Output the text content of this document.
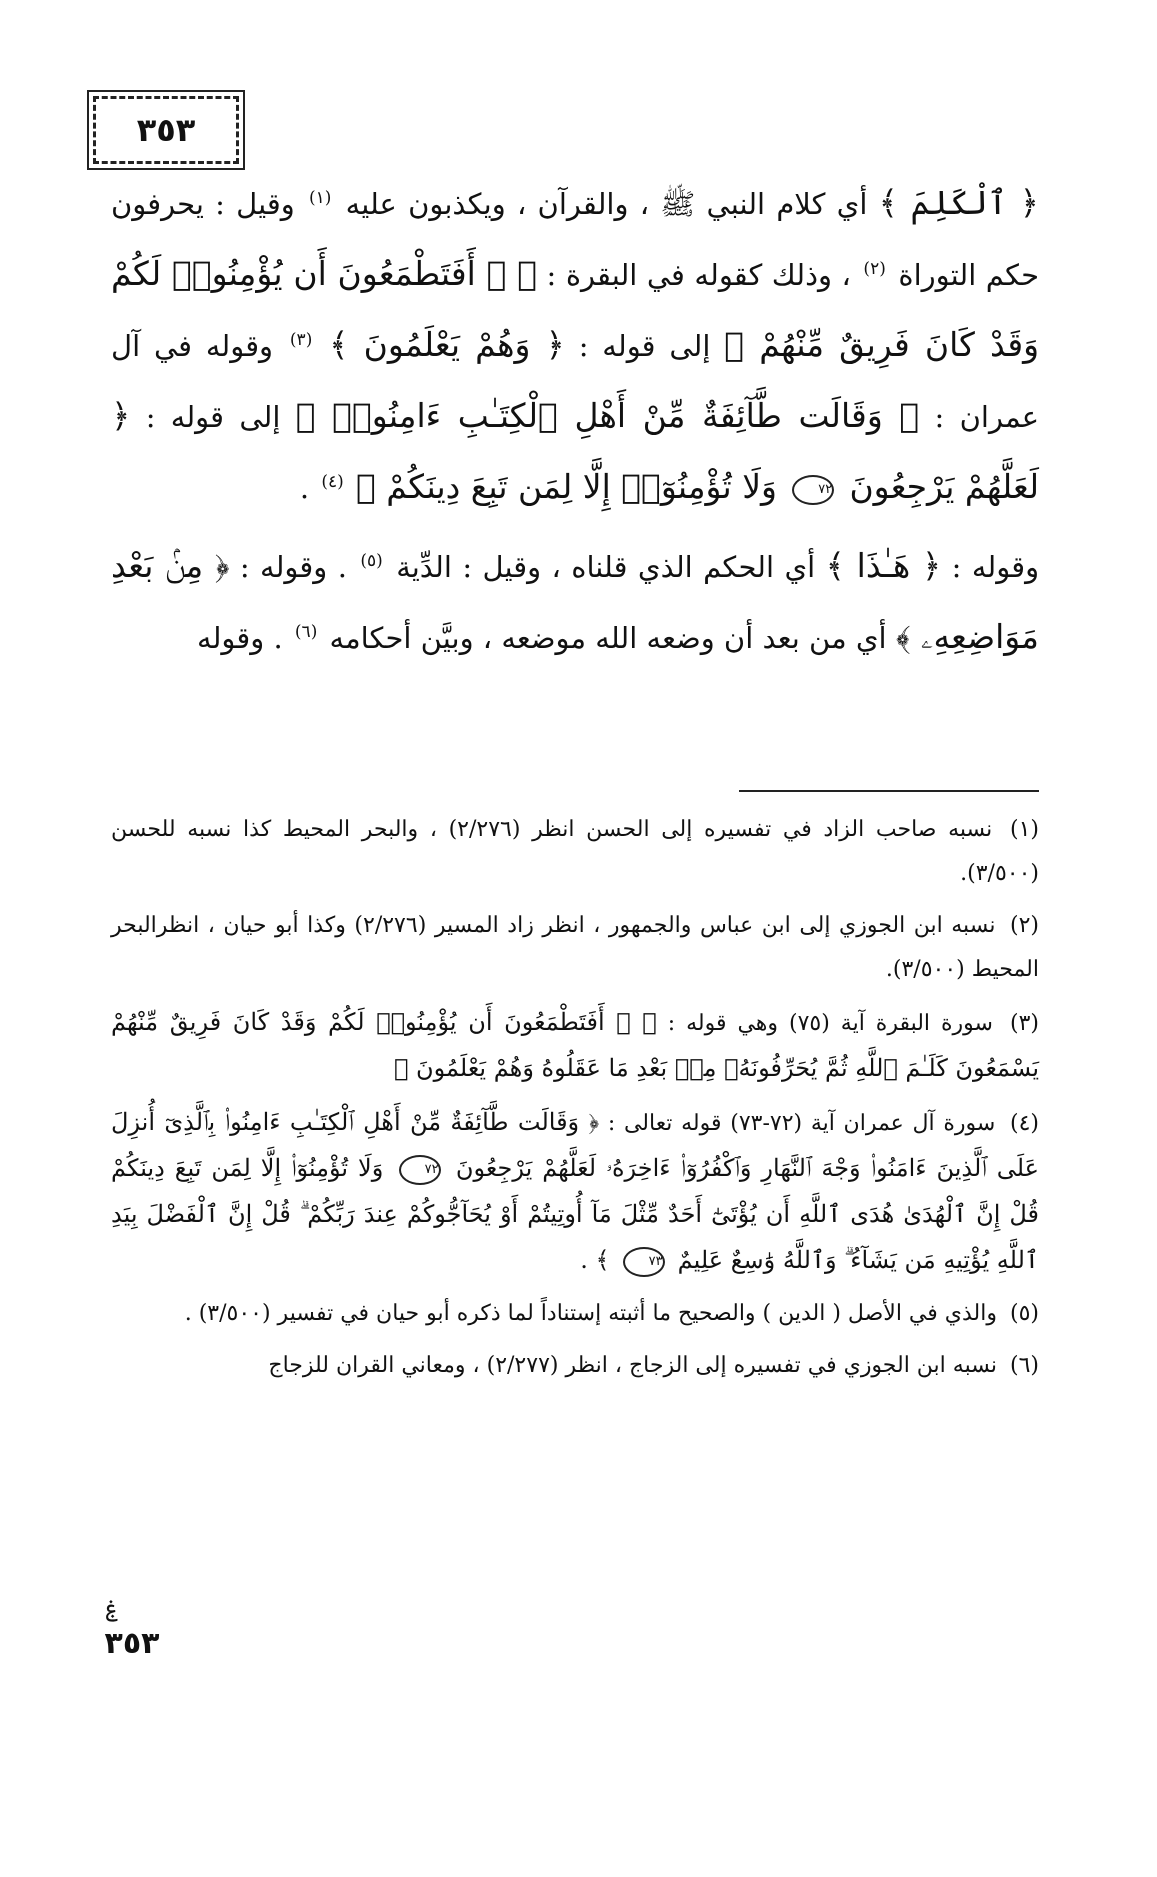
٣٥٣

﴿ ٱلْكَلِمَ ﴾ أي كلام النبي ﷺ ، والقرآن ، ويكذبون عليه $^{(١)}$ وقيل : يحرفون حكم التوراة $^{(٢)}$ ، وذلك كقوله في البقرة : ﴿ ۞ أَفَتَطْمَعُونَ أَن يُؤْمِنُوا۟ لَكُمْ وَقَدْ كَانَ فَرِيقٌ مِّنْهُمْ ﴾ إلى قوله : ﴿ وَهُمْ يَعْلَمُونَ ﴾ $^{(٣)}$ وقوله في آل عمران : ﴿ وَقَالَت طَّآئِفَةٌ مِّنْ أَهْلِ ٱلْكِتَـٰبِ ءَامِنُوا۟ ﴾ إلى قوله : ﴿ لَعَلَّهُمْ يَرْجِعُونَ ٧٢ وَلَا تُؤْمِنُوٓا۟ إِلَّا لِمَن تَبِعَ دِينَكُمْ ﴾ $^{(٤)}$ .

وقوله : ﴿ هَـٰذَا ﴾ أي الحكم الذي قلناه ، وقيل : الدِّية $^{(٥)}$ . وقوله : ﴿ مِنۢ بَعْدِ مَوَاضِعِهِۦ ﴾ أي من بعد أن وضعه الله موضعه ، وبيَّن أحكامه $^{(٦)}$ . وقوله

(١) نسبه صاحب الزاد في تفسيره إلى الحسن انظر (٢/٢٧٦) ، والبحر المحيط كذا نسبه للحسن (٣/٥٠٠).

(٢) نسبه ابن الجوزي إلى ابن عباس والجمهور ، انظر زاد المسير (٢/٢٧٦) وكذا أبو حيان ، انظرالبحر المحيط (٣/٥٠٠).

(٣) سورة البقرة آية (٧٥) وهي قوله : ﴿ ۞ أَفَتَطْمَعُونَ أَن يُؤْمِنُوا۟ لَكُمْ وَقَدْ كَانَ فَرِيقٌ مِّنْهُمْ يَسْمَعُونَ كَلَـٰمَ ٱللَّهِ ثُمَّ يُحَرِّفُونَهُۥ مِنۢ بَعْدِ مَا عَقَلُوهُ وَهُمْ يَعْلَمُونَ ﴾

(٤) سورة آل عمران آية (٧٢-٧٣) قوله تعالى : ﴿ وَقَالَت طَّآئِفَةٌ مِّنْ أَهْلِ ٱلْكِتَـٰبِ ءَامِنُوا۟ بِٱلَّذِىٓ أُنزِلَ عَلَى ٱلَّذِينَ ءَامَنُوا۟ وَجْهَ ٱلنَّهَارِ وَٱكْفُرُوٓا۟ ءَاخِرَهُۥ لَعَلَّهُمْ يَرْجِعُونَ ٧٢ وَلَا تُؤْمِنُوٓا۟ إِلَّا لِمَن تَبِعَ دِينَكُمْ قُلْ إِنَّ ٱلْهُدَىٰ هُدَى ٱللَّهِ أَن يُؤْتَىٰٓ أَحَدٌ مِّثْلَ مَآ أُوتِيتُمْ أَوْ يُحَآجُّوكُمْ عِندَ رَبِّكُمْ ۗ قُلْ إِنَّ ٱلْفَضْلَ بِيَدِ ٱللَّهِ يُؤْتِيهِ مَن يَشَآءُ ۗ وَٱللَّهُ وَٰسِعٌ عَلِيمٌ ٧٣ ﴾ .

(٥) والذي في الأصل ( الدين ) والصحيح ما أثبته إستناداً لما ذكره أبو حيان في تفسير (٣/٥٠٠) .

(٦) نسبه ابن الجوزي في تفسيره إلى الزجاج ، انظر (٢/٢٧٧) ، ومعاني القران للزجاج

ۼ
٣٥٣
